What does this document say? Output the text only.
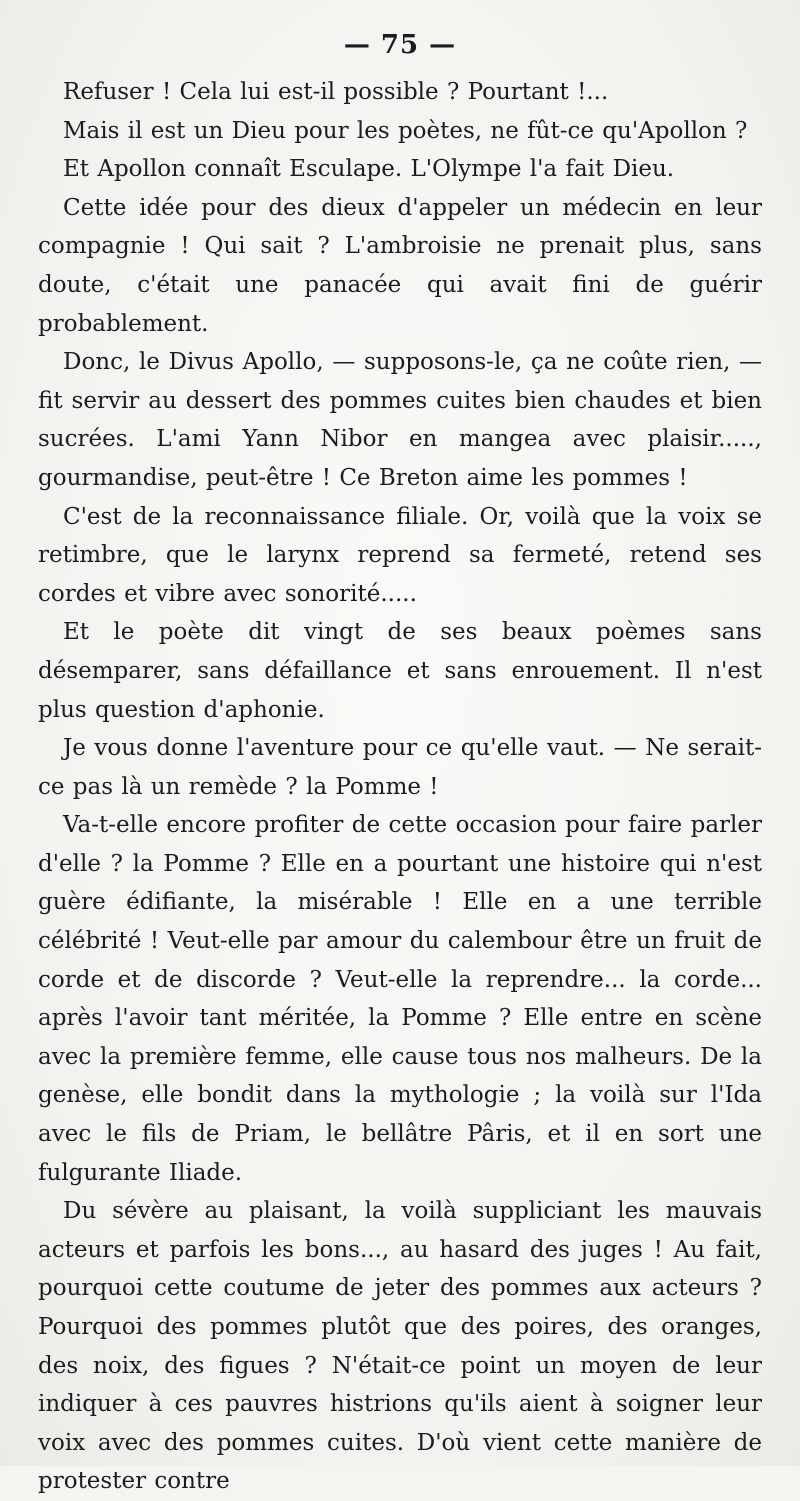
— 75 —

Refuser ! Cela lui est-il possible ? Pourtant !...

Mais il est un Dieu pour les poètes, ne fût-ce qu'Apollon ?

Et Apollon connaît Esculape. L'Olympe l'a fait Dieu.

Cette idée pour des dieux d'appeler un médecin en leur compagnie ! Qui sait ? L'ambroisie ne prenait plus, sans doute, c'était une panacée qui avait fini de guérir probablement.

Donc, le Divus Apollo, — supposons-le, ça ne coûte rien, — fit servir au dessert des pommes cuites bien chaudes et bien sucrées. L'ami Yann Nibor en mangea avec plaisir....., gourmandise, peut-être ! Ce Breton aime les pommes !

C'est de la reconnaissance filiale. Or, voilà que la voix se retimbre, que le larynx reprend sa fermeté, retend ses cordes et vibre avec sonorité.....

Et le poète dit vingt de ses beaux poèmes sans désemparer, sans défaillance et sans enrouement. Il n'est plus question d'aphonie.

Je vous donne l'aventure pour ce qu'elle vaut. — Ne serait-ce pas là un remède ? la Pomme !

Va-t-elle encore profiter de cette occasion pour faire parler d'elle ? la Pomme ? Elle en a pourtant une histoire qui n'est guère édifiante, la misérable ! Elle en a une terrible célébrité ! Veut-elle par amour du calembour être un fruit de corde et de discorde ? Veut-elle la reprendre... la corde... après l'avoir tant méritée, la Pomme ? Elle entre en scène avec la première femme, elle cause tous nos malheurs. De la genèse, elle bondit dans la mythologie ; la voilà sur l'Ida avec le fils de Priam, le bellâtre Pâris, et il en sort une fulgurante Iliade.

Du sévère au plaisant, la voilà suppliciant les mauvais acteurs et parfois les bons..., au hasard des juges ! Au fait, pourquoi cette coutume de jeter des pommes aux acteurs ? Pourquoi des pommes plutôt que des poires, des oranges, des noix, des figues ? N'était-ce point un moyen de leur indiquer à ces pauvres histrions qu'ils aient à soigner leur voix avec des pommes cuites. D'où vient cette manière de protester contre
